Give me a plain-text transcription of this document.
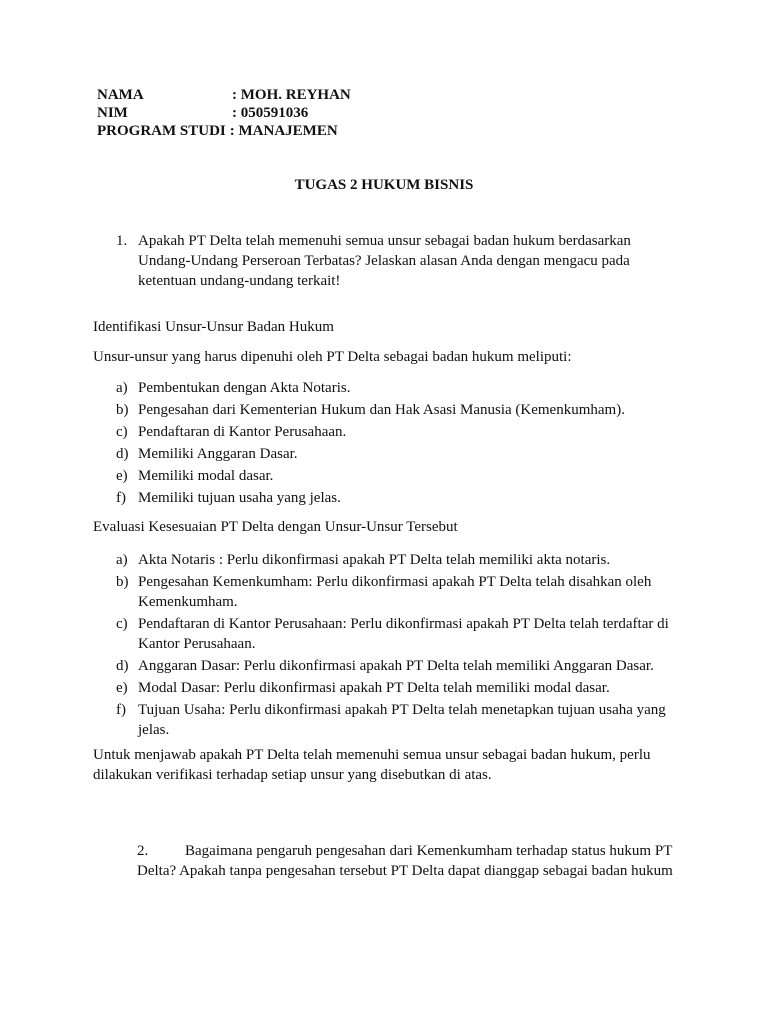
NAMA	: MOH. REYHAN
NIM	: 050591036
PROGRAM STUDI : MANAJEMEN
TUGAS 2 HUKUM BISNIS
1. Apakah PT Delta telah memenuhi semua unsur sebagai badan hukum berdasarkan Undang-Undang Perseroan Terbatas? Jelaskan alasan Anda dengan mengacu pada ketentuan undang-undang terkait!
Identifikasi Unsur-Unsur Badan Hukum
Unsur-unsur yang harus dipenuhi oleh PT Delta sebagai badan hukum meliputi:
a) Pembentukan dengan Akta Notaris.
b) Pengesahan dari Kementerian Hukum dan Hak Asasi Manusia (Kemenkumham).
c) Pendaftaran di Kantor Perusahaan.
d) Memiliki Anggaran Dasar.
e) Memiliki modal dasar.
f) Memiliki tujuan usaha yang jelas.
Evaluasi Kesesuaian PT Delta dengan Unsur-Unsur Tersebut
a) Akta Notaris : Perlu dikonfirmasi apakah PT Delta telah memiliki akta notaris.
b) Pengesahan Kemenkumham: Perlu dikonfirmasi apakah PT Delta telah disahkan oleh Kemenkumham.
c) Pendaftaran di Kantor Perusahaan: Perlu dikonfirmasi apakah PT Delta telah terdaftar di Kantor Perusahaan.
d) Anggaran Dasar: Perlu dikonfirmasi apakah PT Delta telah memiliki Anggaran Dasar.
e) Modal Dasar: Perlu dikonfirmasi apakah PT Delta telah memiliki modal dasar.
f) Tujuan Usaha: Perlu dikonfirmasi apakah PT Delta telah menetapkan tujuan usaha yang jelas.
Untuk menjawab apakah PT Delta telah memenuhi semua unsur sebagai badan hukum, perlu dilakukan verifikasi terhadap setiap unsur yang disebutkan di atas.
2. Bagaimana pengaruh pengesahan dari Kemenkumham terhadap status hukum PT Delta? Apakah tanpa pengesahan tersebut PT Delta dapat dianggap sebagai badan hukum
